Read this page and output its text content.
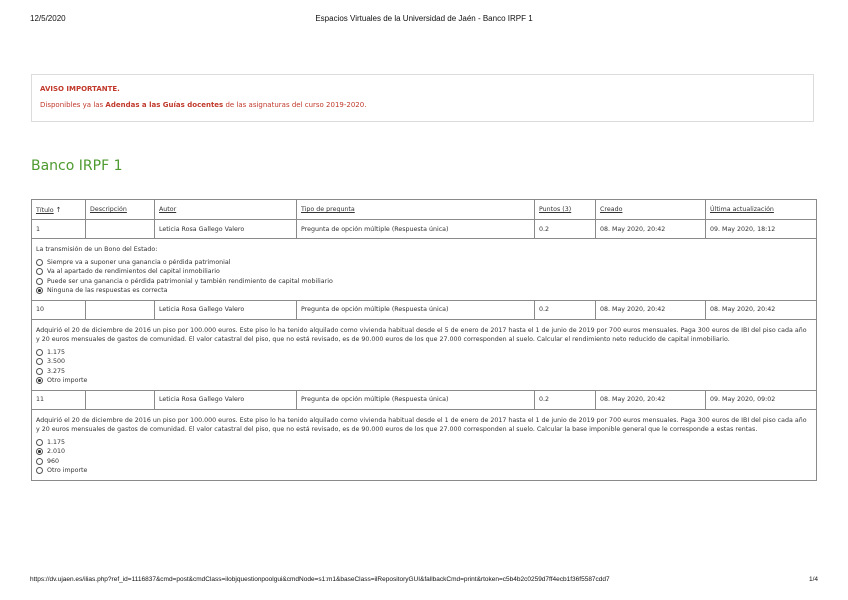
12/5/2020	Espacios Virtuales de la Universidad de Jaén - Banco IRPF 1
AVISO IMPORTANTE.
Disponibles ya las Adendas a las Guías docentes de las asignaturas del curso 2019-2020.
Banco IRPF 1
Título ↑	Descripción	Autor	Tipo de pregunta	Puntos (3)	Creado	Última actualización
1		Leticia Rosa Gallego Valero	Pregunta de opción múltiple (Respuesta única)	0.2	08. May 2020, 20:42	09. May 2020, 18:12

La transmisión de un Bono del Estado:
Siempre va a suponer una ganancia o pérdida patrimonial
Va al apartado de rendimientos del capital inmobiliario
Puede ser una ganancia o pérdida patrimonial y también rendimiento de capital mobiliario
Ninguna de las respuestas es correcta						

10		Leticia Rosa Gallego Valero	Pregunta de opción múltiple (Respuesta única)	0.2	08. May 2020, 20:42	08. May 2020, 20:42

Adquirió el 20 de diciembre de 2016 un piso por 100.000 euros. Este piso lo ha tenido alquilado como vivienda habitual desde el 5 de enero de 2017 hasta el 1 de junio de 2019 por 700 euros mensuales. Paga 300 euros de IBI del piso cada año y 20 euros mensuales de gastos de comunidad. El valor catastral del piso, que no está revisado, es de 90.000 euros de los que 27.000 corresponden al suelo. Calcular el rendimiento neto reducido de capital inmobiliario.
1.175
3.500
3.275
Otro importe						

11		Leticia Rosa Gallego Valero	Pregunta de opción múltiple (Respuesta única)	0.2	08. May 2020, 20:42	09. May 2020, 09:02

Adquirió el 20 de diciembre de 2016 un piso por 100.000 euros. Este piso lo ha tenido alquilado como vivienda habitual desde el 1 de enero de 2017 hasta el 1 de junio de 2019 por 700 euros mensuales. Paga 300 euros de IBI del piso cada año y 20 euros mensuales de gastos de comunidad. El valor catastral del piso, que no está revisado, es de 90.000 euros de los que 27.000 corresponden al suelo. Calcular la base imponible general que le corresponde a estas rentas.
1.175
2.010
960
Otro importe						
https://dv.ujaen.es/ilias.php?ref_id=1116837&cmd=post&cmdClass=ilobjquestionpoolgui&cmdNode=s1:m1&baseClass=ilRepositoryGUI&fallbackCmd=print&rtoken=c5b4b2c0259d7ff4ecb1f36f5587cdd7	1/4
